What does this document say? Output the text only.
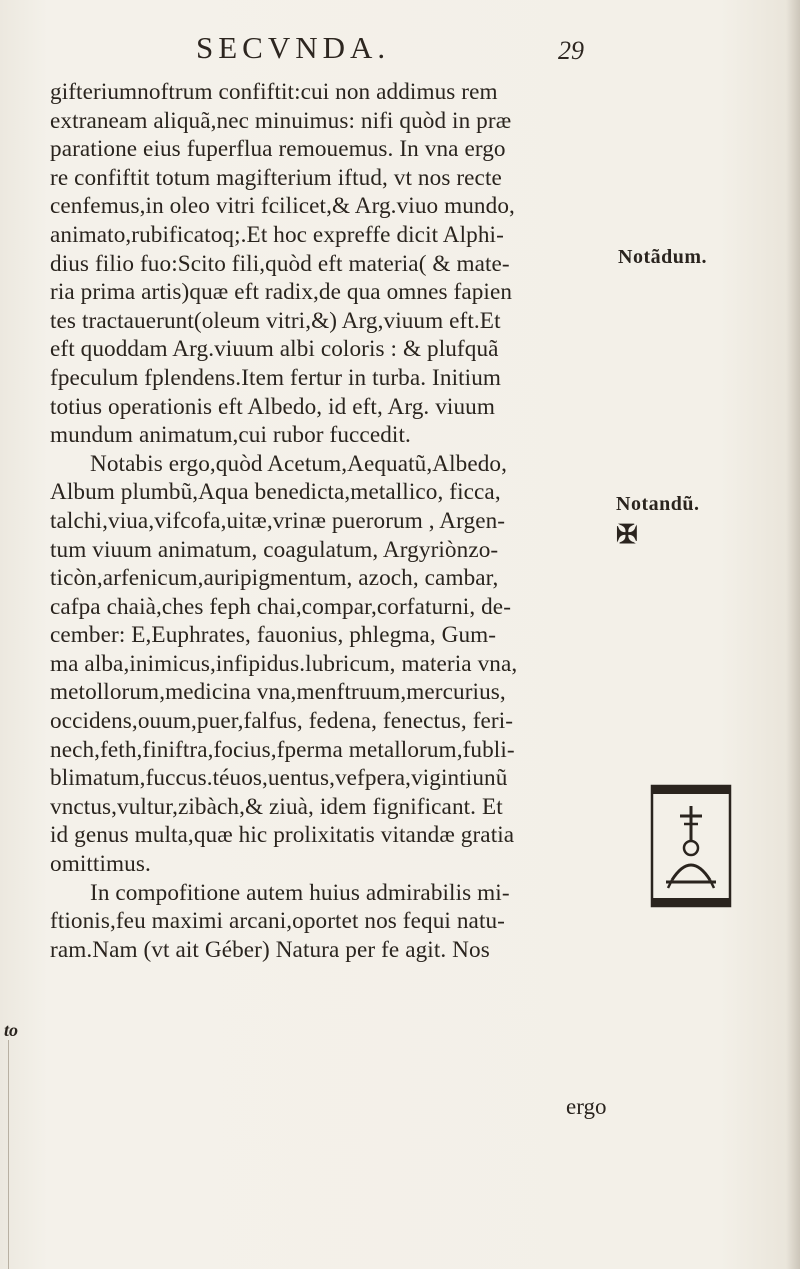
SECVNDA.	29
gifteriumnoftrum confiftit:cui non addimus rem
extraneam aliquã,nec minuimus: nifi quòd in præ
paratione eius fuperflua remouemus. In vna ergo
re confiftit totum magifterium iftud, vt nos recte
cenfemus,in oleo vitri fcilicet,& Arg.viuo mundo,
animato,rubificatoq;.Et hoc expreffe dicit Alphi-
dius filio fuo:Scito fili,quòd eft materia( & mate-
ria prima artis)quæ eft radix,de qua omnes fapien
tes tractauerunt(oleum vitri,&) Arg,viuum eft.Et
eft quoddam Arg.viuum albi coloris : & plufquã
fpeculum fplendens.Item fertur in turba. Initium
totius operationis eft Albedo, id eft, Arg. viuum
mundum animatum,cui rubor fuccedit.
Notabis ergo,quòd Acetum,Aequatũ,Albedo,
Album plumbũ,Aqua benedicta,metallico, ficca,
talchi,viua,vifcofa,uitæ,vrinæ puerorum , Argen-
tum viuum animatum, coagulatum, Argyriònzo-
ticòn,arfenicum,auripigmentum, azoch, cambar,
cafpa chaià,ches feph chai,compar,corfaturni, de-
cember: E,Euphrates, fauonius, phlegma, Gum-
ma alba,inimicus,infipidus.lubricum, materia vna,
metollorum,medicina vna,menftruum,mercurius,
occidens,ouum,puer,falfus, fedena, fenectus, feri-
nech,feth,finiftra,focius,fperma metallorum,fubli-
blimatum,fuccus.téuos,uentus,vefpera,vigintiunũ
vnctus,vultur,zibàch,& ziuà, idem fignificant. Et
id genus multa,quæ hic prolixitatis vitandæ gratia
omittimus.
In compofitione autem huius admirabilis mi-
ftionis,feu maximi arcani,oportet nos fequi natu-
ram.Nam (vt ait Géber) Natura per fe agit. Nos
ergo
Notãdum.
Notandũ.
✠
to
